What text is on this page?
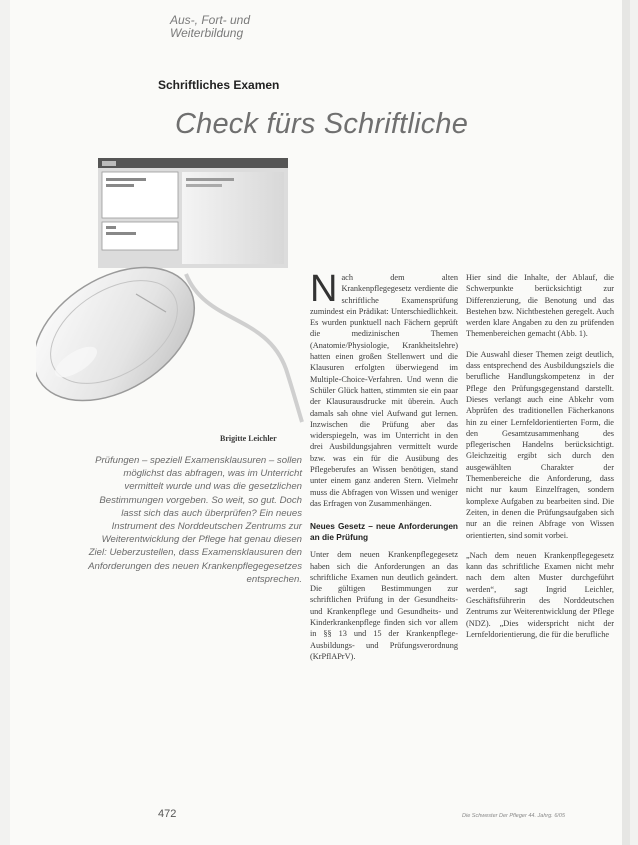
Aus-, Fort- und
Weiterbildung
Schriftliches Examen
Check fürs Schriftliche
Brigitte Leichler
Prüfungen – speziell Examensklausuren – sollen möglichst das abfragen, was im Unterricht vermittelt wurde und was die gesetzlichen Bestimmungen vorgeben. So weit, so gut. Doch lasst sich das auch überprüfen? Ein neues Instrument des Norddeutschen Zentrums zur Weiterentwicklung der Pflege hat genau diesen Ziel: Ueberzustellen, dass Examensklausuren den Anforderungen des neuen Krankenpflegegesetzes entsprechen.

N ach dem alten Krankenpflegegesetz verdiente die schriftliche Examensprüfung zumindest ein Prädikat: Unterschiedlichkeit. Es wurden punktuell nach Fächern geprüft die medizinischen Themen (Anatomie/Physiologie, Krankheitslehre) hatten einen großen Stellenwert und die Klausuren erfolgten überwiegend im Multiple-Choice-Verfahren. Und wenn die Schüler Glück hatten, stimmten sie ein paar der Klausurausdrucke mit überein. Auch damals sah ohne viel Aufwand gut lernen. Inzwischen die Prüfung aber das widerspiegeln, was im Unterricht in den drei Ausbildungsjahren vermittelt wurde bzw. was ein für die Ausübung des Pflegeberufes an Wissen benötigen, stand unter einem ganz anderen Stern. Vielmehr muss die Abfragen von Wissen und weniger das Erfragen von Zusammenhängen.

Neues Gesetz – neue Anforderungen an die Prüfung

Unter dem neuen Krankenpflegegesetz haben sich die Anforderungen an das schriftliche Examen nun deutlich geändert. Die gültigen Bestimmungen zur schriftlichen Prüfung in der Gesundheits- und Krankenpflege und Gesundheits- und Kinderkrankenpflege finden sich vor allem in §§ 13 und 15 der Krankenpflege-Ausbildungs- und Prüfungsverordnung (KrPflAPrV).

Hier sind die Inhalte, der Ablauf, die Schwerpunkte berücksichtigt zur Differenzierung, die Benotung und das Bestehen bzw. Nichtbestehen geregelt. Auch werden klare Angaben zu den zu prüfenden Themenbereichen gemacht (Abb. 1).

Die Auswahl dieser Themen zeigt deutlich, dass entsprechend des Ausbildungsziels die berufliche Handlungskompetenz in der Pflege den Prüfungsgegenstand darstellt. Dieses verlangt auch eine Abkehr vom Abprüfen des traditionellen Fächerkanons hin zu einer Lernfeldorientierten Form, die den Gesamtzusammenhang des pflegerischen Handelns berücksichtigt. Gleichzeitig ergibt sich durch den ausgewählten Charakter der Themenbereiche die Anforderung, dass nicht nur kaum Einzelfragen, sondern komplexe Aufgaben zu bearbeiten sind. Die Zeiten, in denen die Prüfungsaufgaben sich nur an die reinen Abfrage von Wissen orientierten, sind somit vorbei.

„Nach dem neuen Krankenpflegegesetz kann das schriftliche Examen nicht mehr nach dem alten Muster durchgeführt werden“, sagt Ingrid Leichler, Geschäftsführerin des Norddeutschen Zentrums zur Weiterentwicklung der Pflege (NDZ). „Dies widerspricht nicht der Lernfeldorientierung, die für die berufliche

472	Die Schwester Der Pfleger 44. Jahrg. 6/05
